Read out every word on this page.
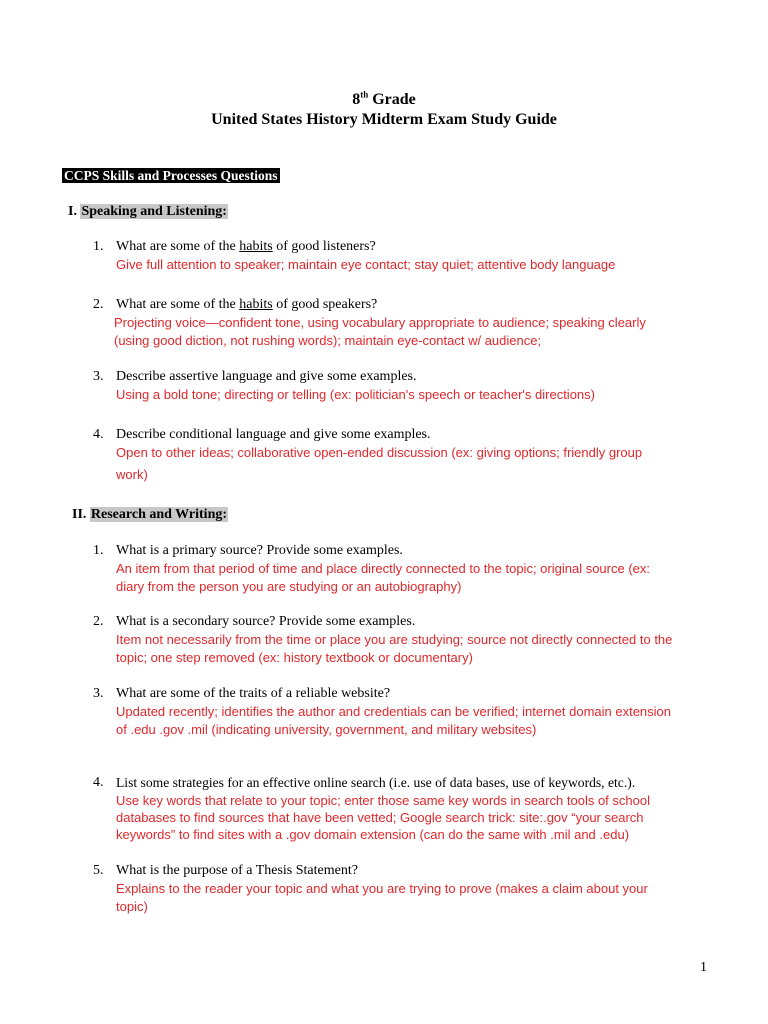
8th Grade
United States History Midterm Exam Study Guide
CCPS Skills and Processes Questions
I. Speaking and Listening:
1. What are some of the habits of good listeners?
Give full attention to speaker; maintain eye contact; stay quiet; attentive body language
2. What are some of the habits of good speakers?
Projecting voice—confident tone, using vocabulary appropriate to audience; speaking clearly
(using good diction, not rushing words); maintain eye-contact w/ audience;
3. Describe assertive language and give some examples.
Using a bold tone; directing or telling (ex: politician's speech or teacher's directions)
4. Describe conditional language and give some examples.
Open to other ideas; collaborative open-ended discussion (ex: giving options; friendly group
work)
II. Research and Writing:
1. What is a primary source? Provide some examples.
An item from that period of time and place directly connected to the topic; original source (ex:
diary from the person you are studying or an autobiography)
2. What is a secondary source? Provide some examples.
Item not necessarily from the time or place you are studying; source not directly connected to the
topic; one step removed (ex: history textbook or documentary)
3. What are some of the traits of a reliable website?
Updated recently; identifies the author and credentials can be verified; internet domain extension
of .edu .gov .mil (indicating university, government, and military websites)
4. List some strategies for an effective online search (i.e. use of data bases, use of keywords, etc.).
Use key words that relate to your topic; enter those same key words in search tools of school
databases to find sources that have been vetted; Google search trick: site:.gov “your search
keywords” to find sites with a .gov domain extension (can do the same with .mil and .edu)
5. What is the purpose of a Thesis Statement?
Explains to the reader your topic and what you are trying to prove (makes a claim about your
topic)
1
